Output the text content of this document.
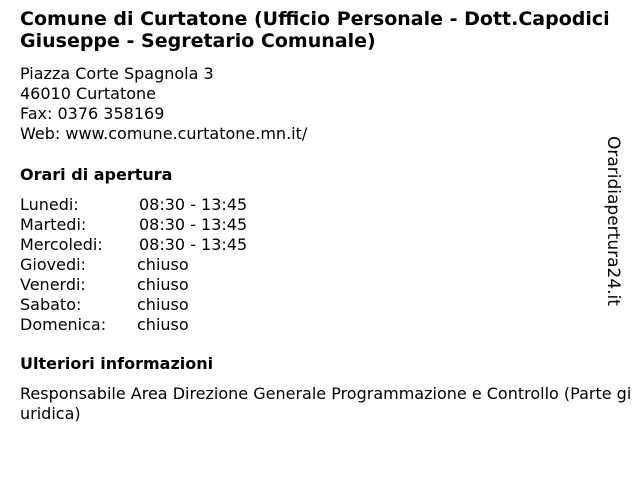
Comune di Curtatone (Ufficio Personale - Dott.Capodici Giuseppe - Segretario Comunale)
Piazza Corte Spagnola 3
46010 Curtatone
Fax: 0376 358169
Web: www.comune.curtatone.mn.it/
Orari di apertura
Lunedi:	08:30 - 13:45
Martedi:	08:30 - 13:45
Mercoledi: 08:30 - 13:45
Giovedi:	chiuso
Venerdi:	chiuso
Sabato:	chiuso
Domenica: chiuso
Ulteriori informazioni
Responsabile Area Direzione Generale Programmazione e Controllo (Parte giuridica)
Oraridiapertura24.it
